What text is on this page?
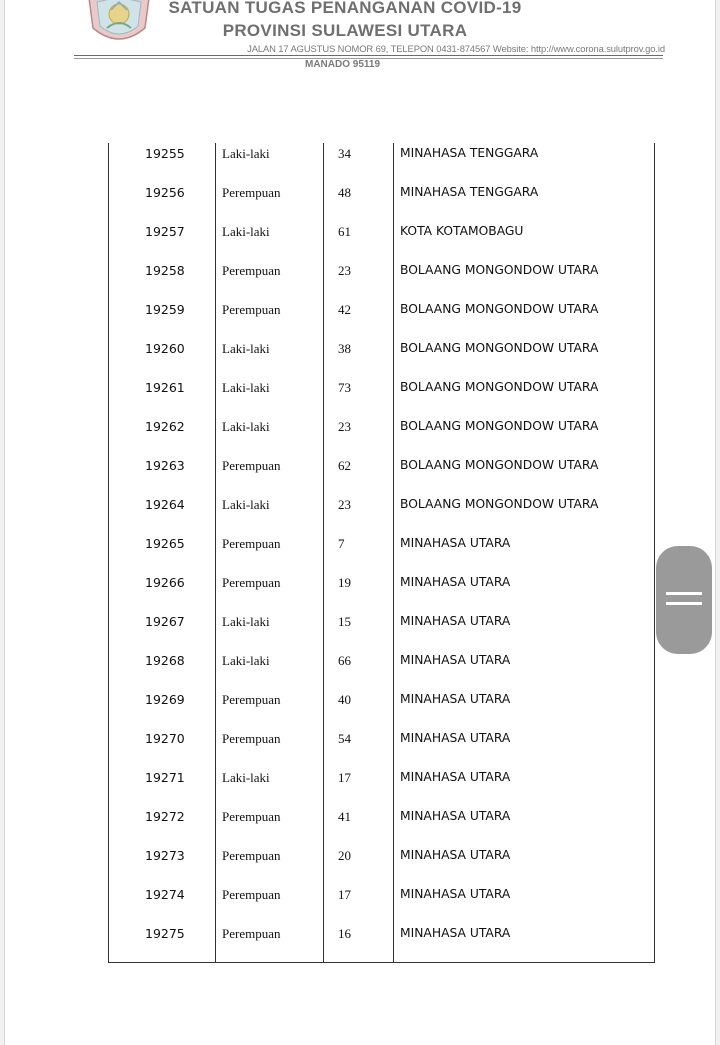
SATUAN TUGAS PENANGANAN COVID-19
PROVINSI SULAWESI UTARA
JALAN 17 AGUSTUS NOMOR 69, TELEPON 0431-874567 Website: http://www.corona.sulutprov.go.id
MANADO 95119
19255	Laki-laki	34	MINAHASA TENGGARA
19256	Perempuan	48	MINAHASA TENGGARA
19257	Laki-laki	61	KOTA KOTAMOBAGU
19258	Perempuan	23	BOLAANG MONGONDOW UTARA
19259	Perempuan	42	BOLAANG MONGONDOW UTARA
19260	Laki-laki	38	BOLAANG MONGONDOW UTARA
19261	Laki-laki	73	BOLAANG MONGONDOW UTARA
19262	Laki-laki	23	BOLAANG MONGONDOW UTARA
19263	Perempuan	62	BOLAANG MONGONDOW UTARA
19264	Laki-laki	23	BOLAANG MONGONDOW UTARA
19265	Perempuan	7	MINAHASA UTARA
19266	Perempuan	19	MINAHASA UTARA
19267	Laki-laki	15	MINAHASA UTARA
19268	Laki-laki	66	MINAHASA UTARA
19269	Perempuan	40	MINAHASA UTARA
19270	Perempuan	54	MINAHASA UTARA
19271	Laki-laki	17	MINAHASA UTARA
19272	Perempuan	41	MINAHASA UTARA
19273	Perempuan	20	MINAHASA UTARA
19274	Perempuan	17	MINAHASA UTARA
19275	Perempuan	16	MINAHASA UTARA
